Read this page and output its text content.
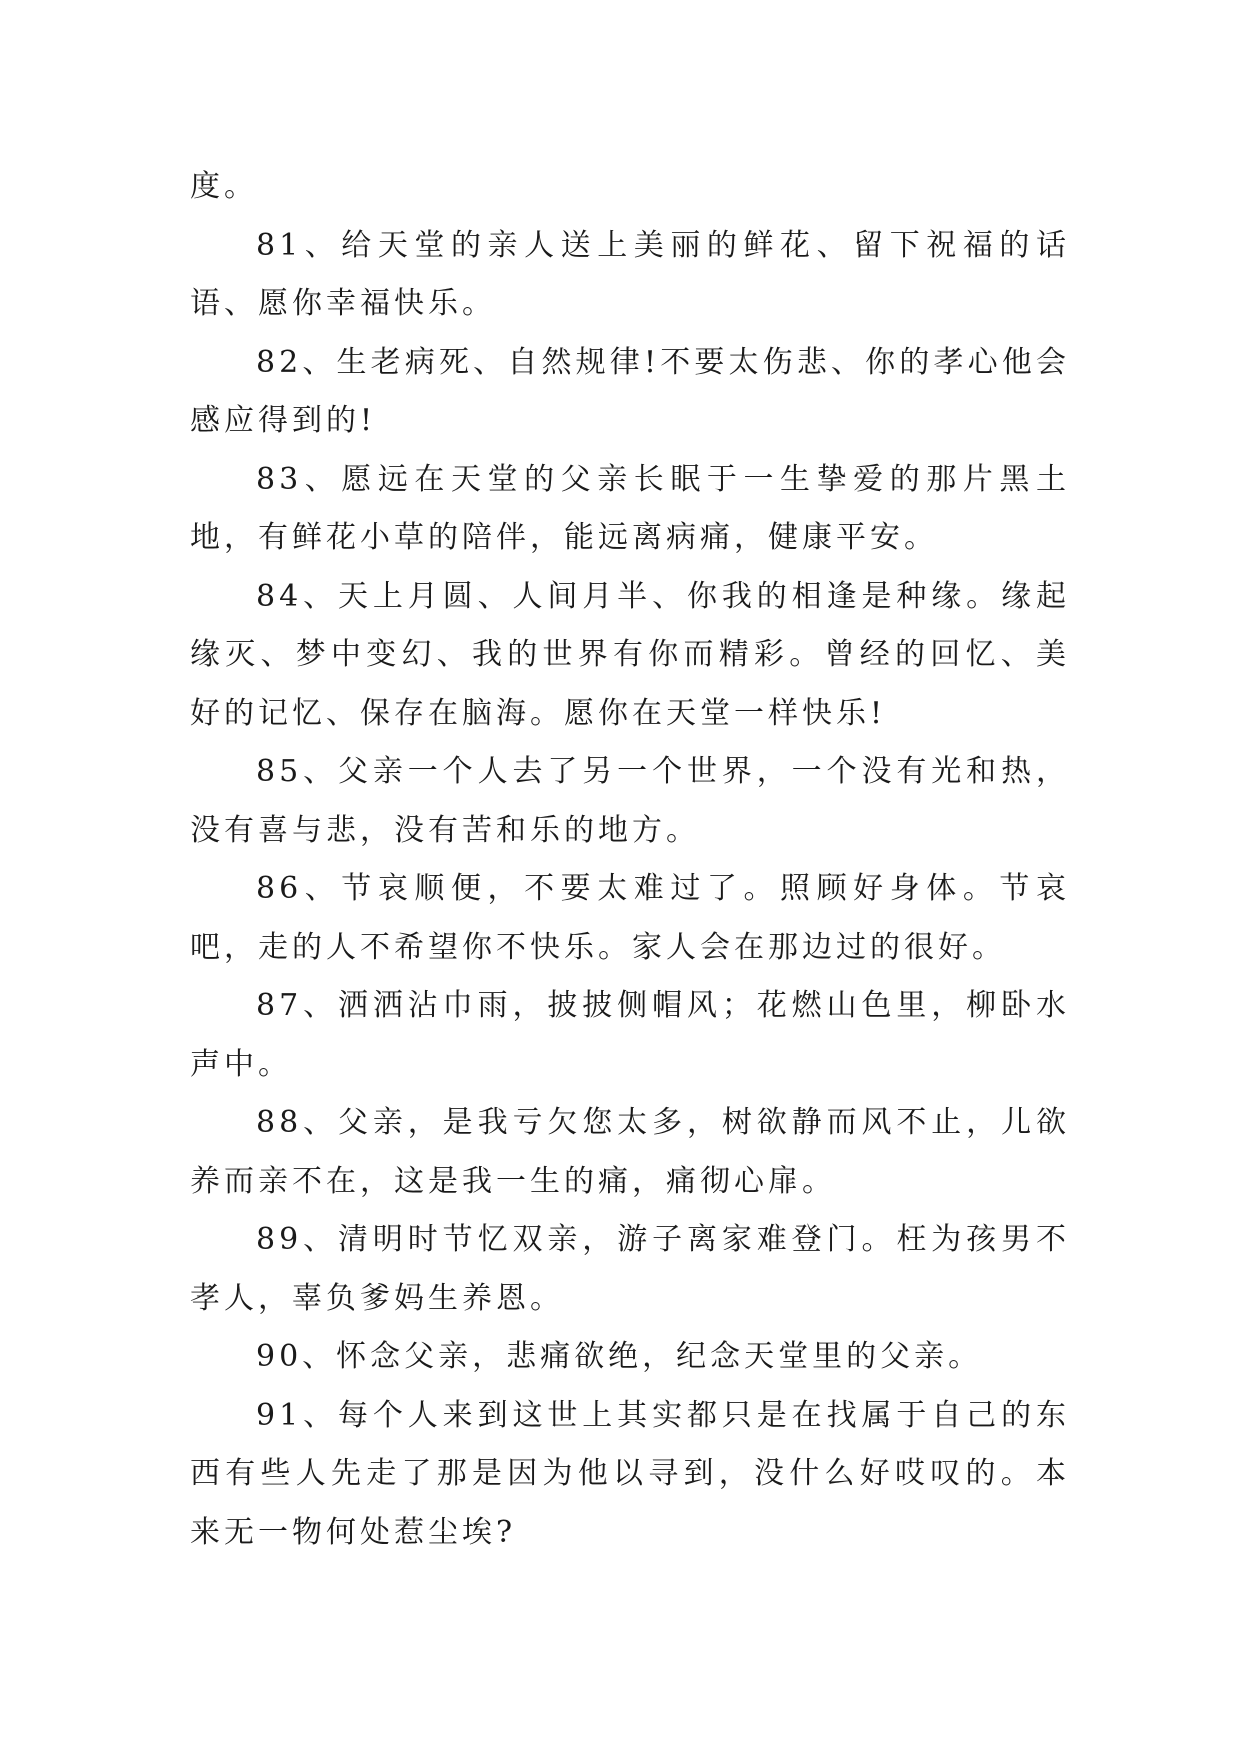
度。

81、给天堂的亲人送上美丽的鲜花、留下祝福的话语、愿你幸福快乐。

82、生老病死、自然规律!不要太伤悲、你的孝心他会感应得到的!

83、愿远在天堂的父亲长眠于一生挚爱的那片黑土地，有鲜花小草的陪伴，能远离病痛，健康平安。

84、天上月圆、人间月半、你我的相逢是种缘。缘起缘灭、梦中变幻、我的世界有你而精彩。曾经的回忆、美好的记忆、保存在脑海。愿你在天堂一样快乐!

85、父亲一个人去了另一个世界，一个没有光和热，没有喜与悲，没有苦和乐的地方。

86、节哀顺便，不要太难过了。照顾好身体。节哀吧，走的人不希望你不快乐。家人会在那边过的很好。

87、洒洒沾巾雨，披披侧帽风；花燃山色里，柳卧水声中。

88、父亲，是我亏欠您太多，树欲静而风不止，儿欲养而亲不在，这是我一生的痛，痛彻心扉。

89、清明时节忆双亲，游子离家难登门。枉为孩男不孝人，辜负爹妈生养恩。

90、怀念父亲，悲痛欲绝，纪念天堂里的父亲。

91、每个人来到这世上其实都只是在找属于自己的东西有些人先走了那是因为他以寻到，没什么好哎叹的。本来无一物何处惹尘埃?
